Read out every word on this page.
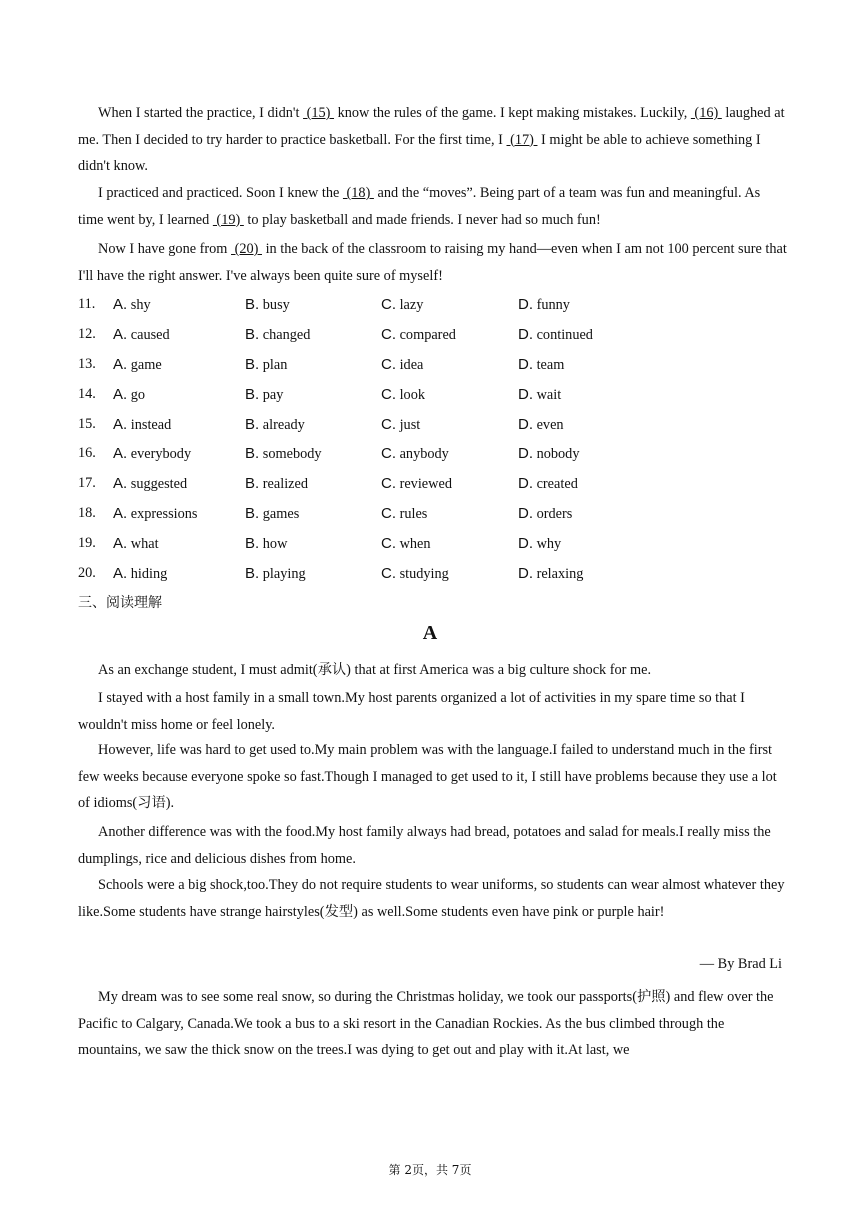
When I started the practice, I didn't  (15)  know the rules of the game. I kept making mistakes. Luckily,  (16)  laughed at me. Then I decided to try harder to practice basketball. For the first time, I  (17)  I might be able to achieve something I didn't know.

I practiced and practiced. Soon I knew the  (18)  and the “moves”. Being part of a team was fun and meaningful. As time went by, I learned  (19)  to play basketball and made friends. I never had so much fun!

Now I have gone from  (20)  in the back of the classroom to raising my hand—even when I am not 100 percent sure that I'll have the right answer. I've always been quite sure of myself!

11. A. shy	B. busy	C. lazy	D. funny
12. A. caused	B. changed	C. compared	D. continued
13. A. game	B. plan	C. idea	D. team
14. A. go	B. pay	C. look	D. wait
15. A. instead	B. already	C. just	D. even
16. A. everybody	B. somebody	C. anybody	D. nobody
17. A. suggested	B. realized	C. reviewed	D. created
18. A. expressions	B. games	C. rules	D. orders
19. A. what	B. how	C. when	D. why
20. A. hiding	B. playing	C. studying	D. relaxing
三、阅读理解
A

As an exchange student, I must admit(承认) that at first America was a big culture shock for me.

I stayed with a host family in a small town.My host parents organized a lot of activities in my spare time so that I wouldn't miss home or feel lonely.

However, life was hard to get used to.My main problem was with the language.I failed to understand much in the first few weeks because everyone spoke so fast.Though I managed to get used to it, I still have problems because they use a lot of idioms(习语).

Another difference was with the food.My host family always had bread, potatoes and salad for meals.I really miss the dumplings, rice and delicious dishes from home.

Schools were a big shock,too.They do not require students to wear uniforms, so students can wear almost whatever they like.Some students have strange hairstyles(发型) as well.Some students even have pink or purple hair!

— By Brad Li

My dream was to see some real snow, so during the Christmas holiday, we took our passports(护照) and flew over the Pacific to Calgary, Canada.We took a bus to a ski resort in the Canadian Rockies. As the bus climbed through the mountains, we saw the thick snow on the trees.I was dying to get out and play with it.At last, we

第 2页，共 7页
